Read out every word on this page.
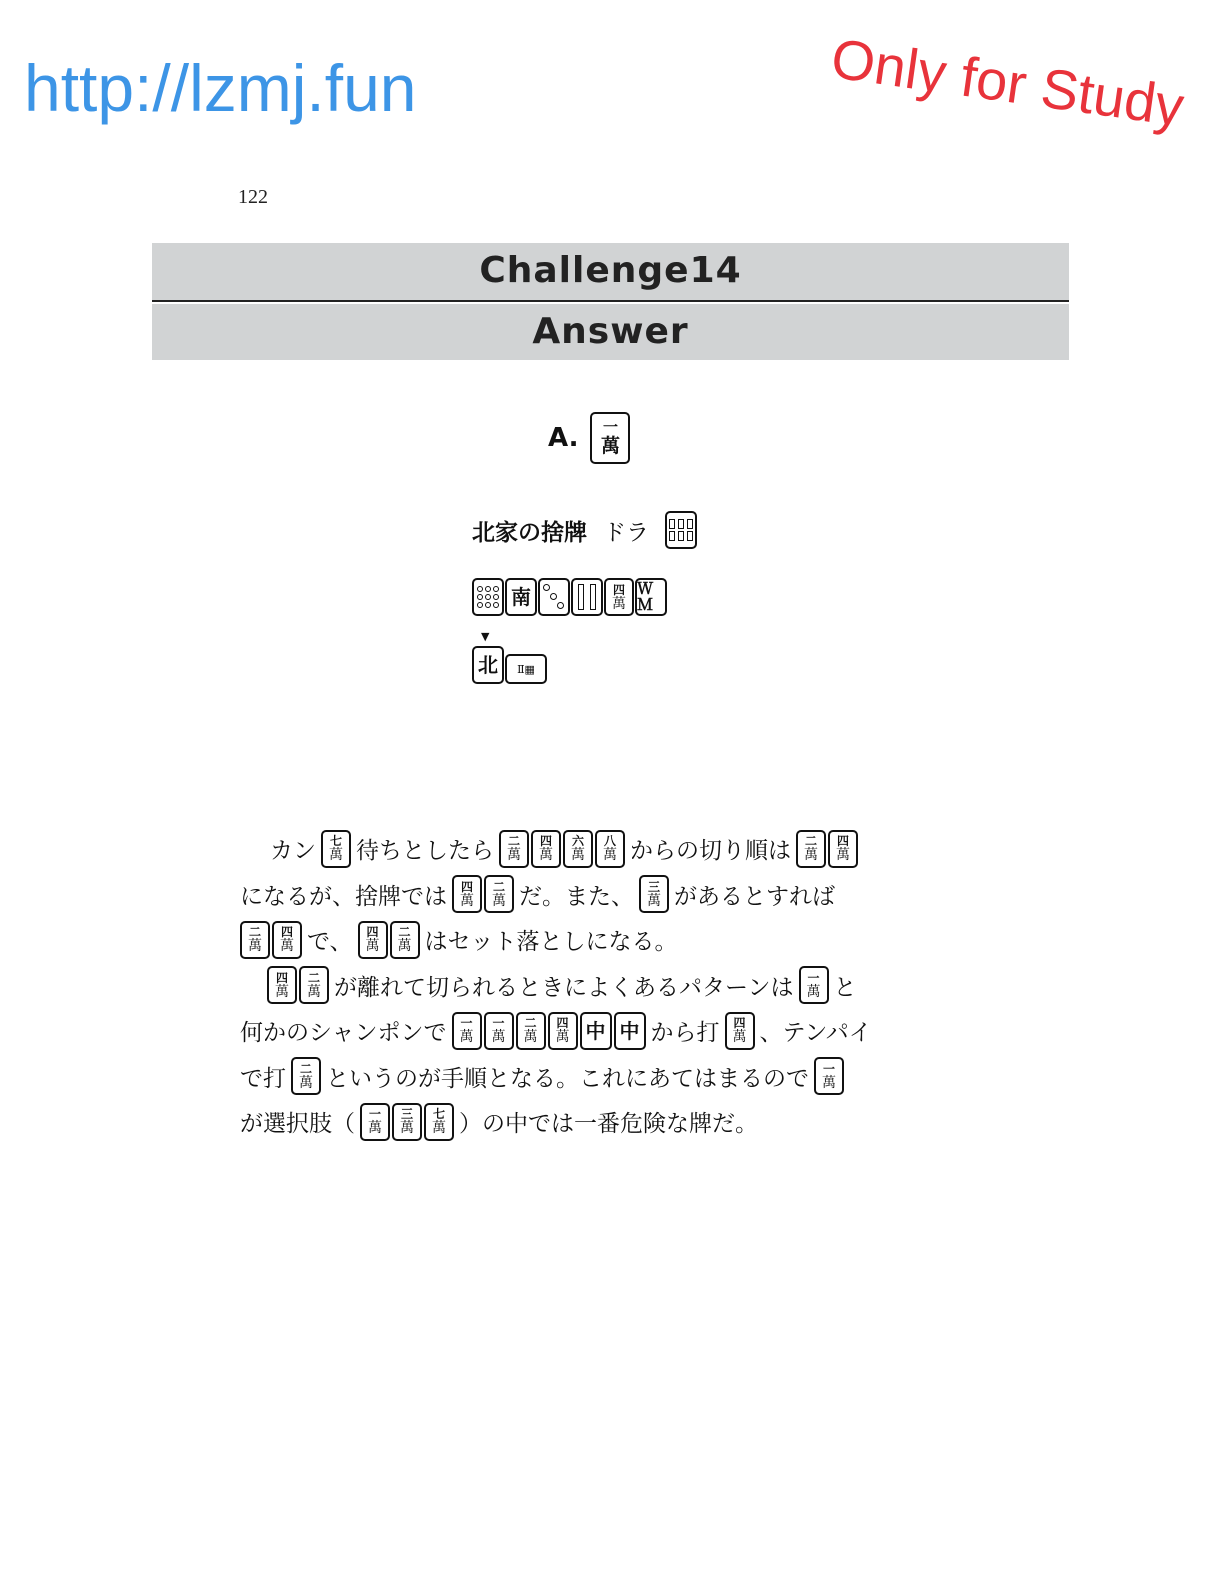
http://lzmj.fun	Only for Study
122
Challenge14
Answer
A. 一
萬
北家の捨牌 ドラ
南	四
萬
ＷＭ
▼
北	Ⅱ▦
カン	七
萬 待ちとしたら	二
萬
四
萬
六
萬
八
萬 からの切り順は	二
萬
四
萬
になるが、捨牌では	四
萬
二
萬 だ。また、	三
萬 があるとすれば
二
萬
四
萬 で、	四
萬
二
萬 はセット落としになる。
四
萬
二
萬 が離れて切られるときによくあるパターンは	一
萬 と
何かのシャンポンで	一
萬
一
萬
二
萬
四
萬 中 中 から打	四
萬 、テンパイ
で打	二
萬 というのが手順となる。これにあてはまるので	一
萬
が選択肢（	一
萬
三
萬
七
萬 ）の中では一番危険な牌だ。
